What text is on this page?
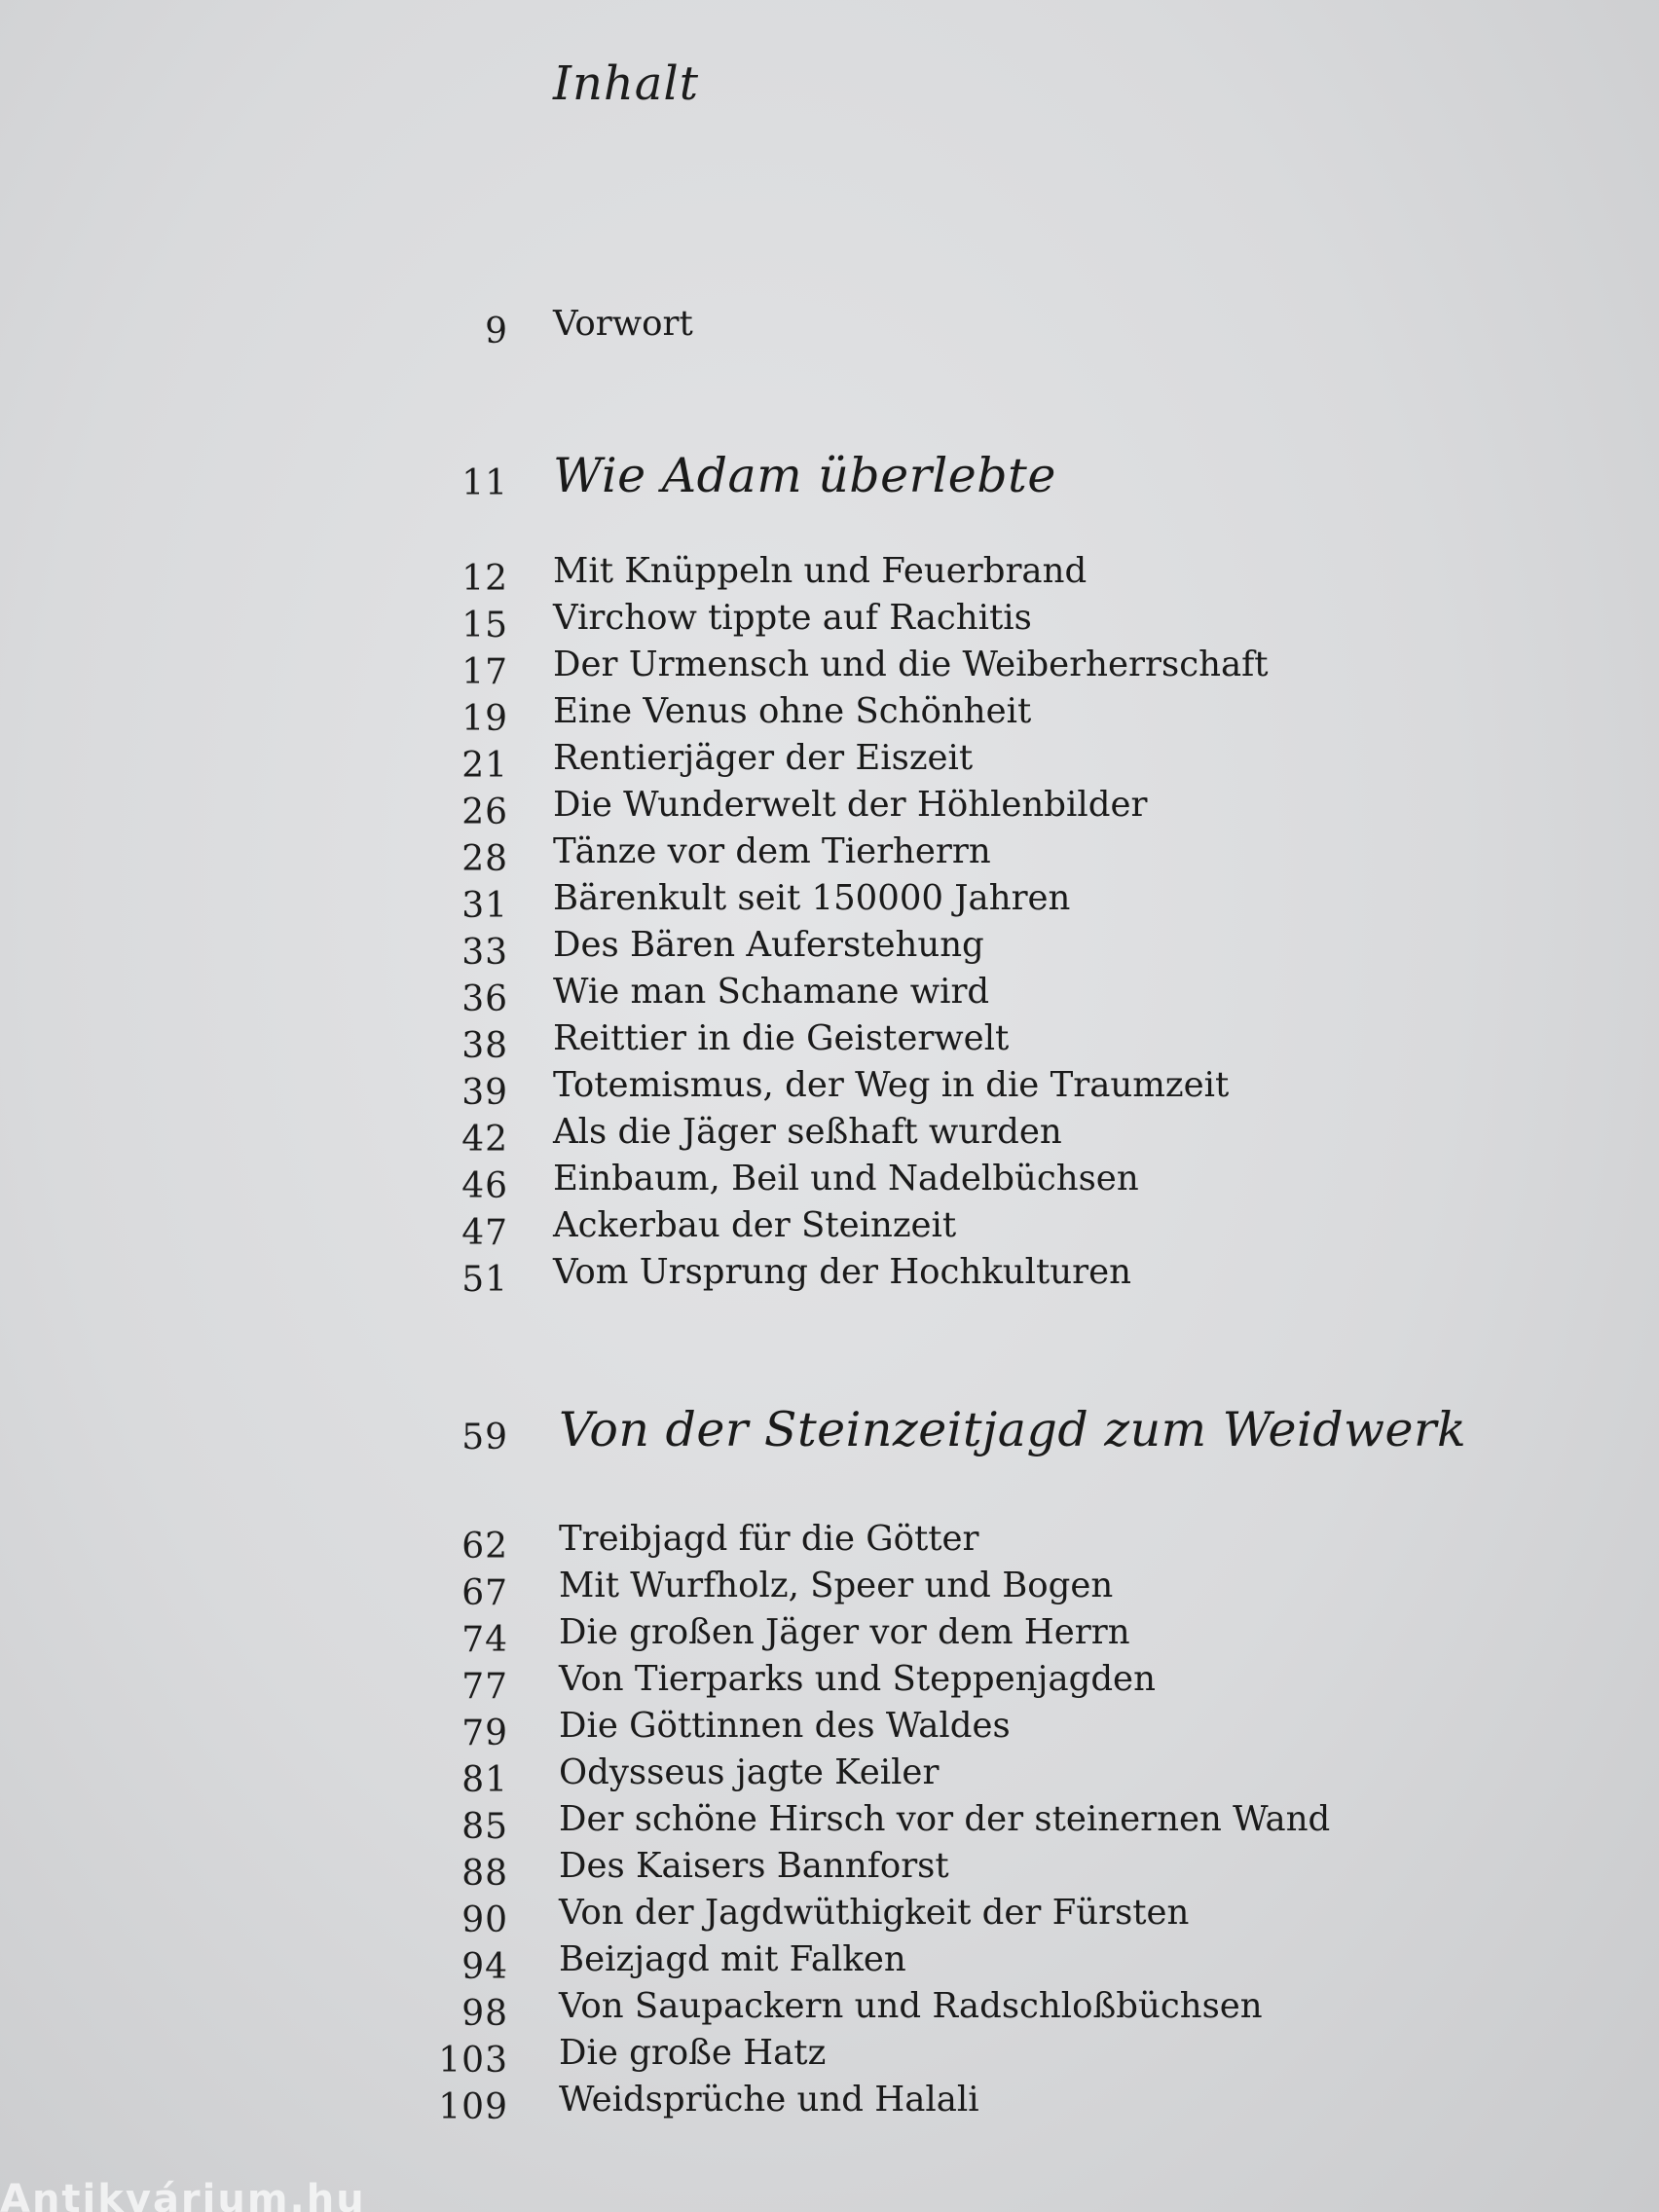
Inhalt
9 Vorwort
11 Wie Adam überlebte
12 Mit Knüppeln und Feuerbrand
15 Virchow tippte auf Rachitis
17 Der Urmensch und die Weiberherrschaft
19 Eine Venus ohne Schönheit
21 Rentierjäger der Eiszeit
26 Die Wunderwelt der Höhlenbilder
28 Tänze vor dem Tierherrn
31 Bärenkult seit 150000 Jahren
33 Des Bären Auferstehung
36 Wie man Schamane wird
38 Reittier in die Geisterwelt
39 Totemismus, der Weg in die Traumzeit
42 Als die Jäger seßhaft wurden
46 Einbaum, Beil und Nadelbüchsen
47 Ackerbau der Steinzeit
51 Vom Ursprung der Hochkulturen
59 Von der Steinzeitjagd zum Weidwerk
62 Treibjagd für die Götter
67 Mit Wurfholz, Speer und Bogen
74 Die großen Jäger vor dem Herrn
77 Von Tierparks und Steppenjagden
79 Die Göttinnen des Waldes
81 Odysseus jagte Keiler
85 Der schöne Hirsch vor der steinernen Wand
88 Des Kaisers Bannforst
90 Von der Jagdwüthigkeit der Fürsten
94 Beizjagd mit Falken
98 Von Saupackern und Radschloßbüchsen
103 Die große Hatz
109 Weidsprüche und Halali
Antikvárium.hu
